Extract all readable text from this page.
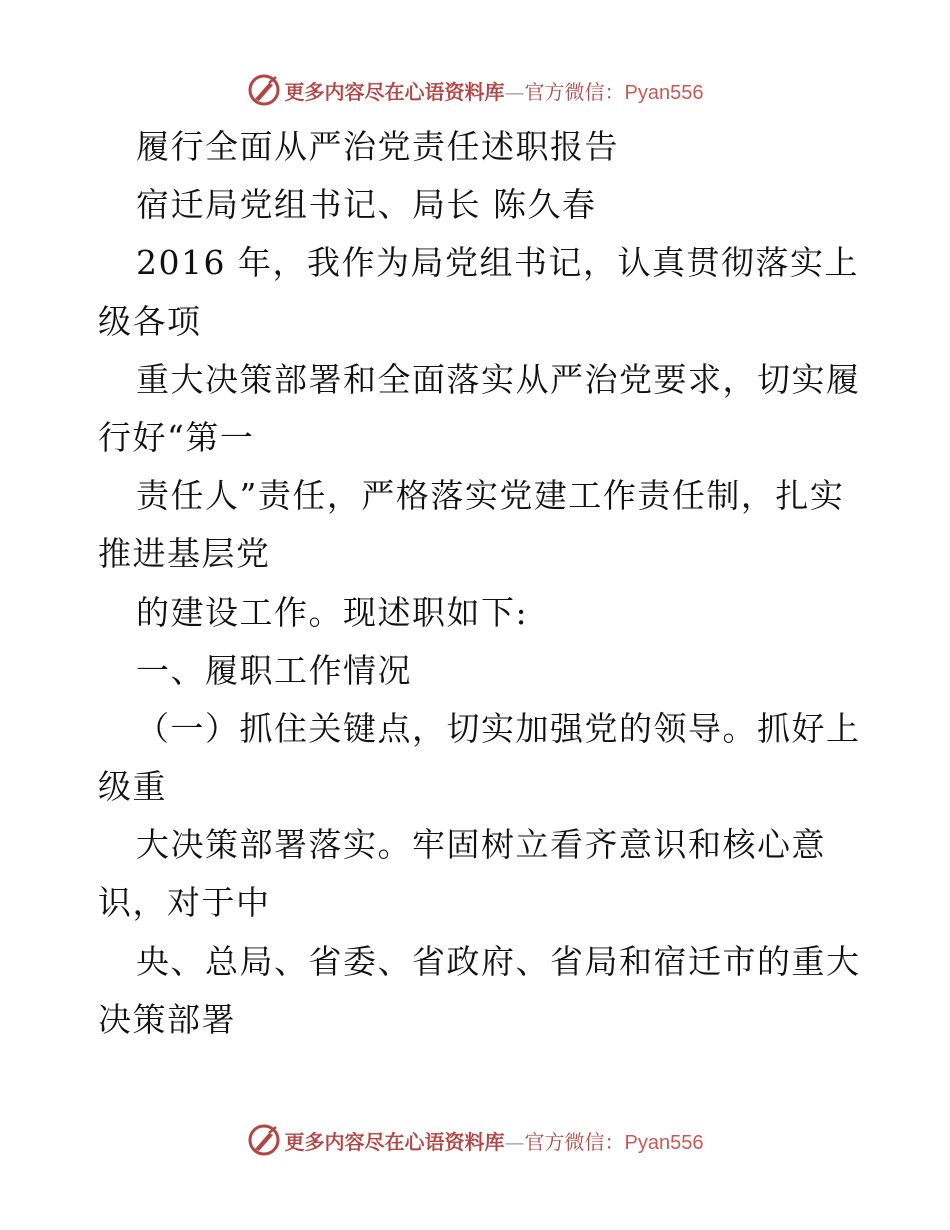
更多内容尽在心语资料库—官方微信：Pyan556
履行全面从严治党责任述职报告
宿迁局党组书记、局长 陈久春
2016 年，我作为局党组书记，认真贯彻落实上
级各项
重大决策部署和全面落实从严治党要求，切实履
行好“第一
责任人”责任，严格落实党建工作责任制，扎实
推进基层党
的建设工作。现述职如下:
一、履职工作情况
（一）抓住关键点，切实加强党的领导。抓好上
级重
大决策部署落实。牢固树立看齐意识和核心意
识，对于中
央、总局、省委、省政府、省局和宿迁市的重大
决策部署
更多内容尽在心语资料库—官方微信：Pyan556
